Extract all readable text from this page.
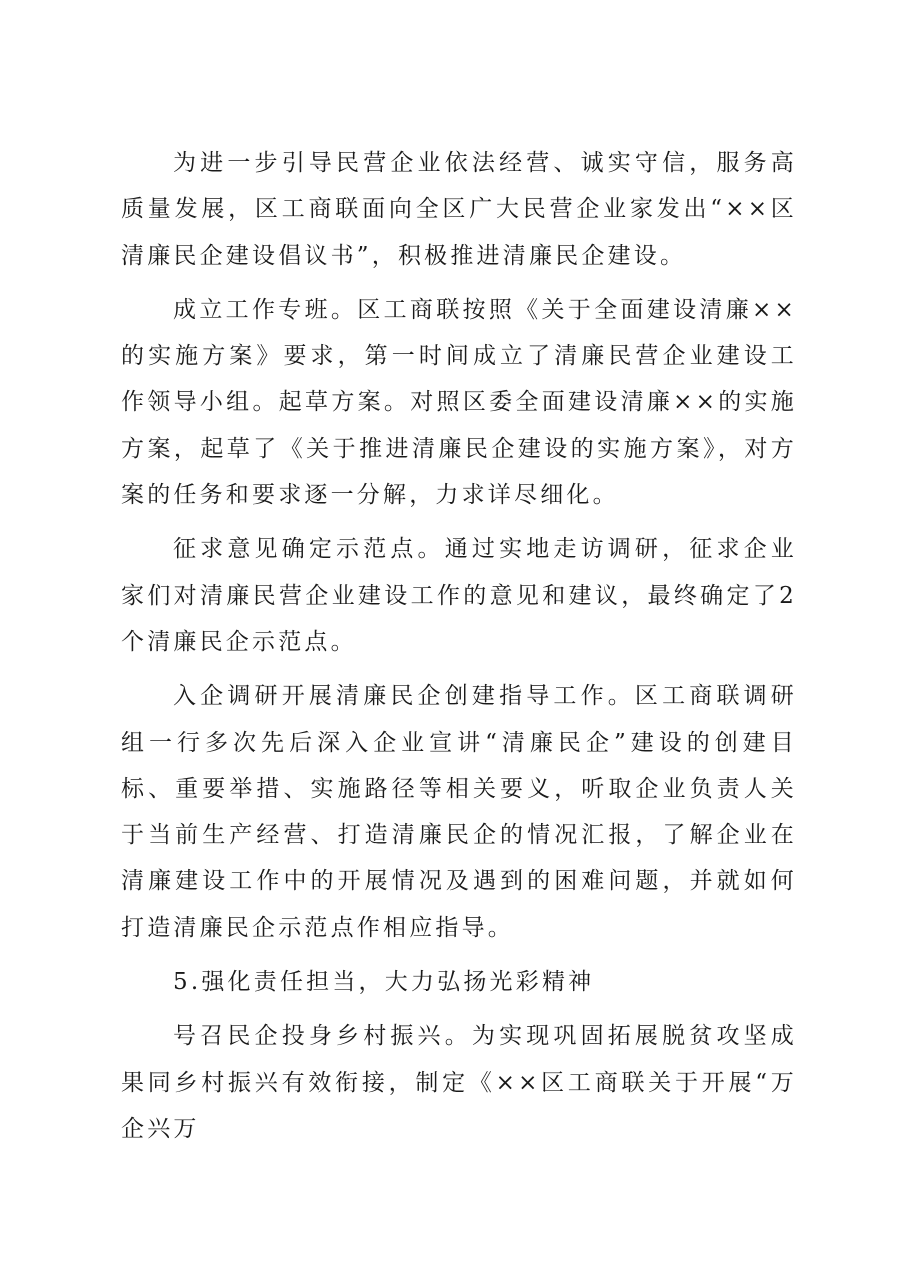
为进一步引导民营企业依法经营、诚实守信，服务高质量发展，区工商联面向全区广大民营企业家发出“××区清廉民企建设倡议书”，积极推进清廉民企建设。

成立工作专班。区工商联按照《关于全面建设清廉××的实施方案》要求，第一时间成立了清廉民营企业建设工作领导小组。起草方案。对照区委全面建设清廉××的实施方案，起草了《关于推进清廉民企建设的实施方案》，对方案的任务和要求逐一分解，力求详尽细化。

征求意见确定示范点。通过实地走访调研，征求企业家们对清廉民营企业建设工作的意见和建议，最终确定了2个清廉民企示范点。

入企调研开展清廉民企创建指导工作。区工商联调研组一行多次先后深入企业宣讲“清廉民企”建设的创建目标、重要举措、实施路径等相关要义，听取企业负责人关于当前生产经营、打造清廉民企的情况汇报，了解企业在清廉建设工作中的开展情况及遇到的困难问题，并就如何打造清廉民企示范点作相应指导。

5.强化责任担当，大力弘扬光彩精神

号召民企投身乡村振兴。为实现巩固拓展脱贫攻坚成果同乡村振兴有效衔接，制定《××区工商联关于开展“万企兴万
